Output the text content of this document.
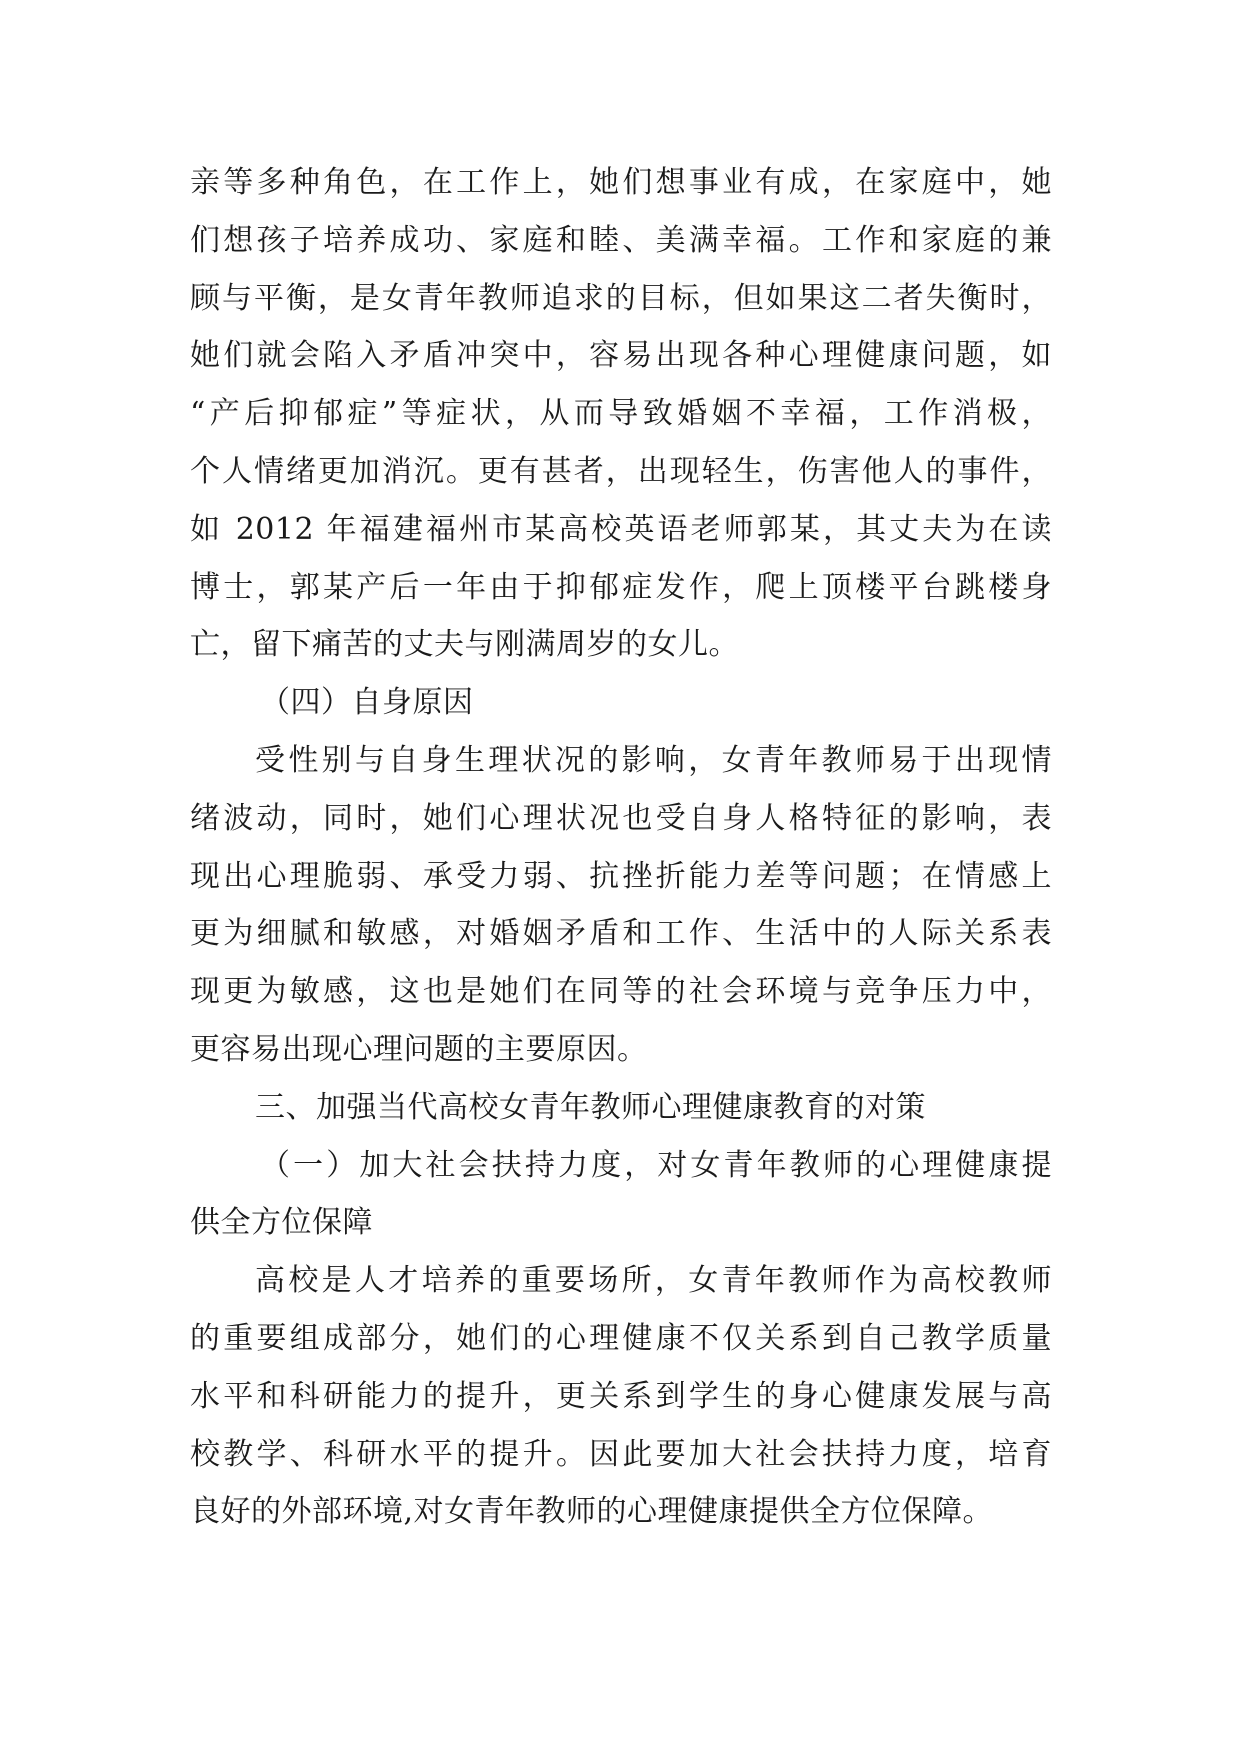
亲等多种角色，在工作上，她们想事业有成，在家庭中，她
们想孩子培养成功、家庭和睦、美满幸福。工作和家庭的兼
顾与平衡，是女青年教师追求的目标，但如果这二者失衡时，
她们就会陷入矛盾冲突中，容易出现各种心理健康问题，如
“产后抑郁症”等症状，从而导致婚姻不幸福，工作消极，
个人情绪更加消沉。更有甚者，出现轻生，伤害他人的事件，
如 2012 年福建福州市某高校英语老师郭某，其丈夫为在读
博士，郭某产后一年由于抑郁症发作，爬上顶楼平台跳楼身
亡，留下痛苦的丈夫与刚满周岁的女儿。
（四）自身原因
受性别与自身生理状况的影响，女青年教师易于出现情
绪波动，同时，她们心理状况也受自身人格特征的影响，表
现出心理脆弱、承受力弱、抗挫折能力差等问题；在情感上
更为细腻和敏感，对婚姻矛盾和工作、生活中的人际关系表
现更为敏感，这也是她们在同等的社会环境与竞争压力中，
更容易出现心理问题的主要原因。
三、加强当代高校女青年教师心理健康教育的对策
（一）加大社会扶持力度，对女青年教师的心理健康提
供全方位保障
高校是人才培养的重要场所，女青年教师作为高校教师
的重要组成部分，她们的心理健康不仅关系到自己教学质量
水平和科研能力的提升，更关系到学生的身心健康发展与高
校教学、科研水平的提升。因此要加大社会扶持力度，培育
良好的外部环境,对女青年教师的心理健康提供全方位保障。
